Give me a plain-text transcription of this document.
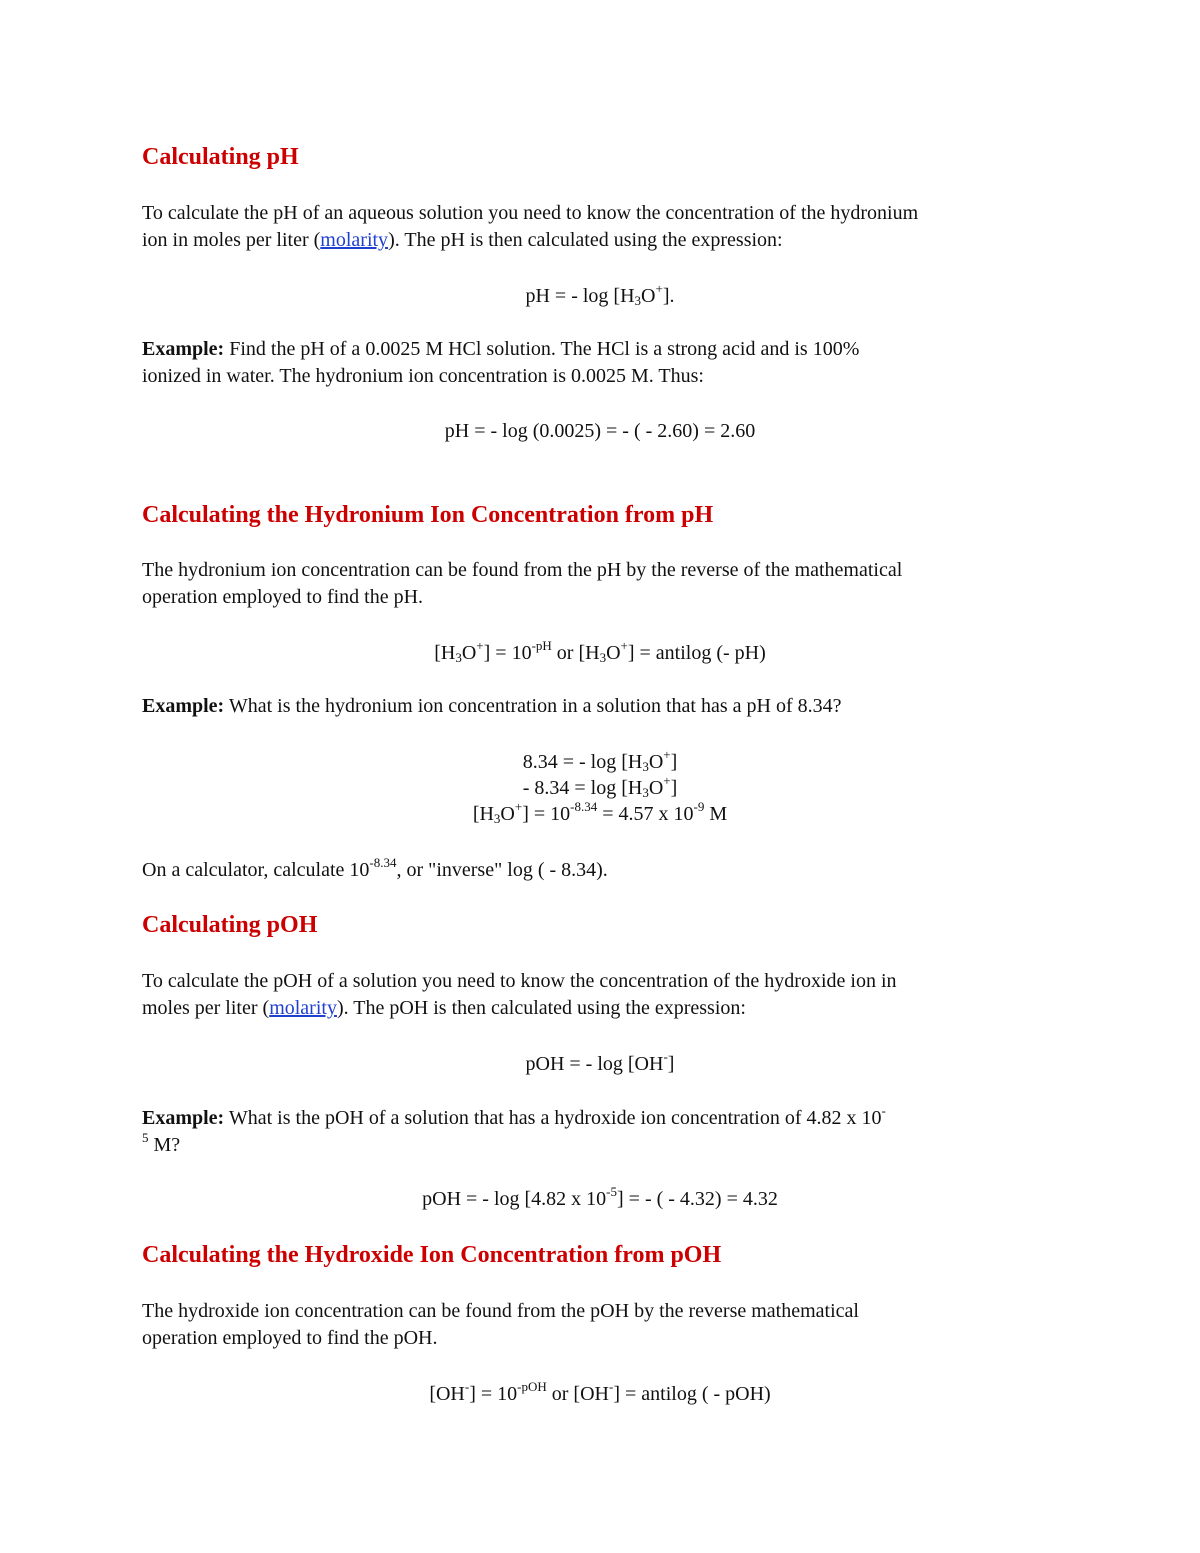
Calculating pH

To calculate the pH of an aqueous solution you need to know the concentration of the hydronium

ion in moles per liter (molarity). The pH is then calculated using the expression:

pH = - $\log [H_3O^+]$.

Example: Find the pH of a 0.0025 M HCl solution. The HCl is a strong acid and is 100%

ionized in water. The hydronium ion concentration is 0.0025 M. Thus:

pH = - log (0.0025) = - ( - 2.60) = 2.60

Calculating the Hydronium Ion Concentration from pH

The hydronium ion concentration can be found from the pH by the reverse of the mathematical

operation employed to find the pH.

$[H_3O^+] = 10^{-pH}$ or $[H_3O^+]$ = antilog (- pH)

Example: What is the hydronium ion concentration in a solution that has a pH of 8.34?

8.34 = - $\log [H_3O^+]$

- $8.34 = \log [H_3O^+]$

$[H_3O^+] = 10^{-8.34} = 4.57$ x $10^{-9}$ M

On a calculator, calculate $10^{-8.34}$, or "inverse" log ( - 8.34).

Calculating pOH

To calculate the pOH of a solution you need to know the concentration of the hydroxide ion in

moles per liter (molarity). The pOH is then calculated using the expression:

pOH = - log [OH-]

Example: What is the pOH of a solution that has a hydroxide ion concentration of 4.82 x 10-

$^5$ M?

pOH = - log [4.82 x $10^{-5}$] = - ( - 4.32) = 4.32

Calculating the Hydroxide Ion Concentration from pOH

The hydroxide ion concentration can be found from the pOH by the reverse mathematical

operation employed to find the pOH.

$[OH^-] = 10^{-pOH}$ or [OH-] = antilog ( - pOH)
